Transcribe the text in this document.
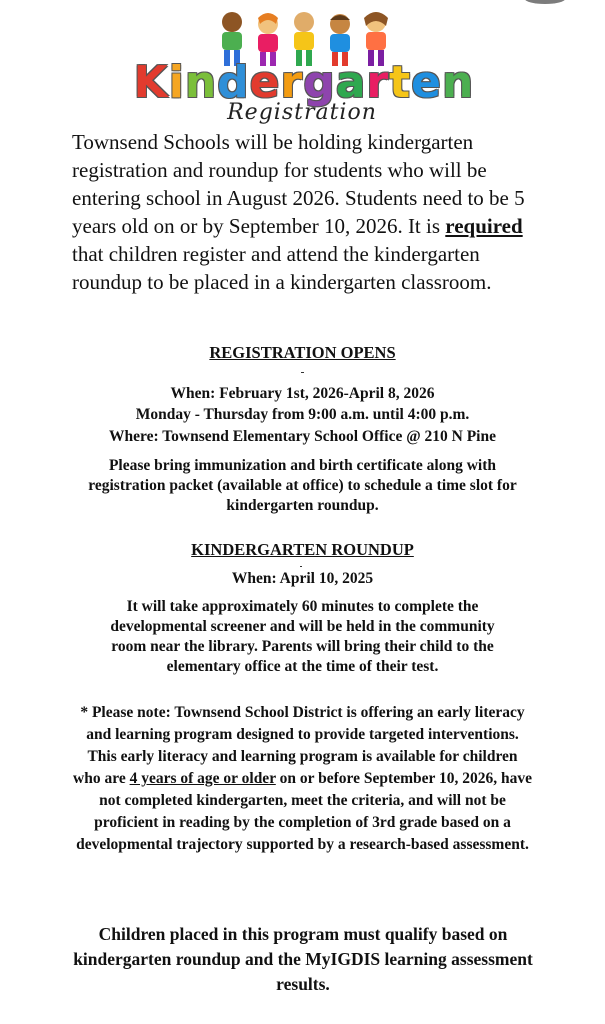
Kindergarten
Registration
Townsend Schools will be holding kindergarten registration and roundup for students who will be entering school in August 2026. Students need to be 5 years old on or by September 10, 2026. It is required that children register and attend the kindergarten roundup to be placed in a kindergarten classroom.
REGISTRATION OPENS
When: February 1st, 2026-April 8, 2026
Monday - Thursday from 9:00 a.m. until 4:00 p.m.
Where: Townsend Elementary School Office @ 210 N Pine
Please bring immunization and birth certificate along with registration packet (available at office) to schedule a time slot for kindergarten roundup.
KINDERGARTEN ROUNDUP
When: April 10, 2025
It will take approximately 60 minutes to complete the developmental screener and will be held in the community room near the library. Parents will bring their child to the elementary office at the time of their test.
* Please note: Townsend School District is offering an early literacy and learning program designed to provide targeted interventions. This early literacy and learning program is available for children who are 4 years of age or older on or before September 10, 2026, have not completed kindergarten, meet the criteria, and will not be proficient in reading by the completion of 3rd grade based on a developmental trajectory supported by a research-based assessment.
Children placed in this program must qualify based on kindergarten roundup and the MyIGDIS learning assessment results.
